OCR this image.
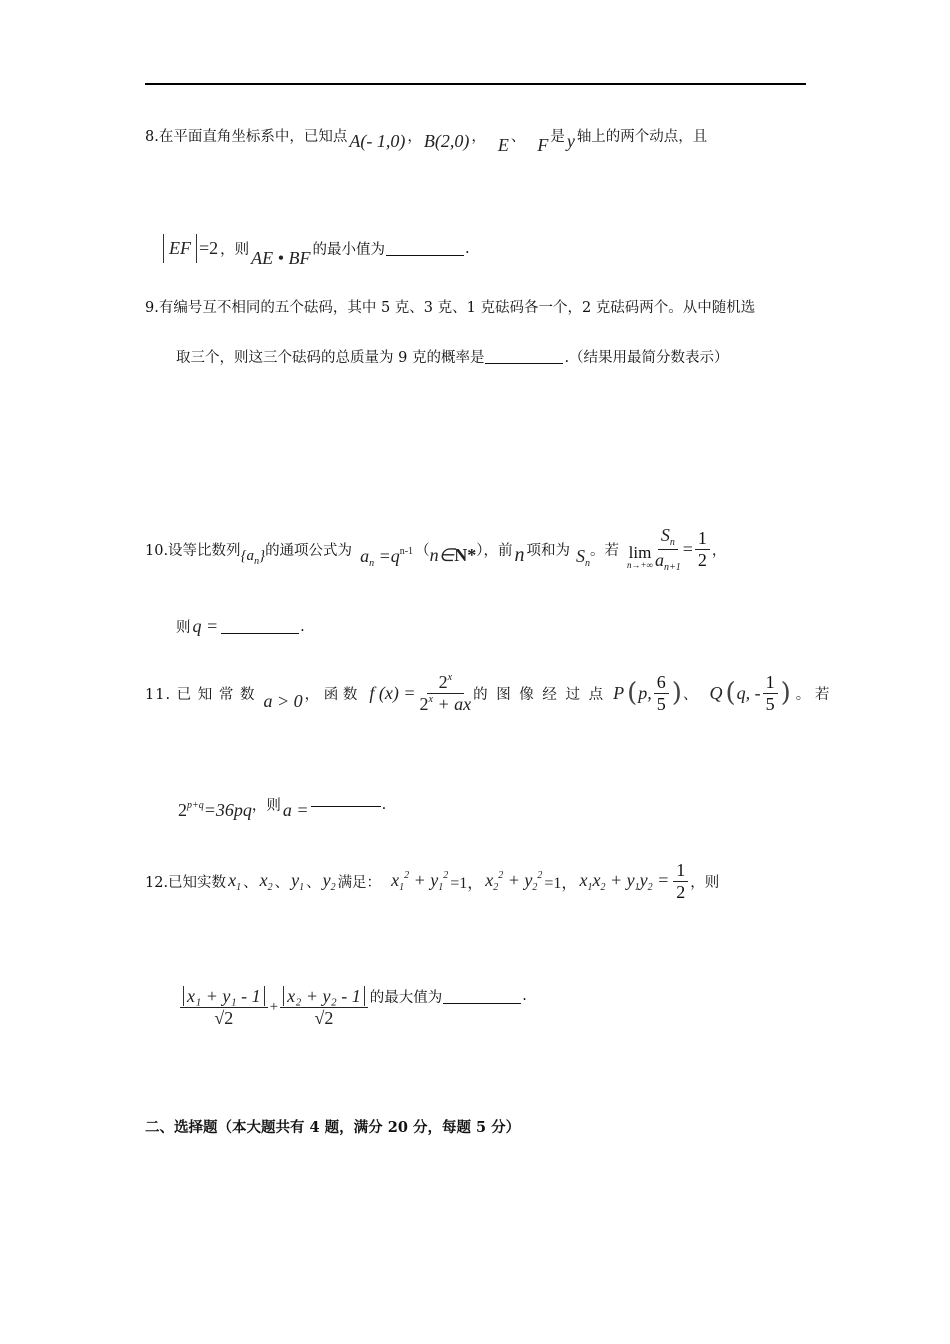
8.在平面直角坐标系中，已知点 A(- 1,0) ， B(2,0) ， E 、 F 是 y 轴上的两个动点，且
EF =2 ，则 AE • BF 的最小值为	.
9.有编号互不相同的五个砝码，其中 5 克、3 克、1 克砝码各一个，2 克砝码两个。从中随机选
取三个，则这三个砝码的总质量为 9 克的概率是	.（结果用最简分数表示）
10.设等比数列 $\{a_n\}$ 的通项公式为 $a_n =q^{n-1}$ （ n∈N* ），前 n 项和为 $S_n$
。若 lim
$n\to+\infty \frac{S_n}{a_{n+1}} = \frac{1}{2}$ ，
则 q =	.
11. 已 知 常 数 a > 0 ， 函 数 f $(x) = \frac{2^x}{2^x + ax}$ 的 图 像 经 过 点 P ( p, $\frac{6}{5}$ ) 、 Q ( q, - $\frac{1}{5}$ ) 。 若
$2^{p+q} =36pq$ ，则 a =	.
12.已知实数 $x_1$ 、 $x_2$ 、 $y_1$ 、 $y_2$ 满足： $x_1^2 + y_1^2 =1$， $x_2^2 + y_2^2 =1$， $x_1x_2 + y_1y_2 = \frac{1}{2}$ ，则
$\frac{\text{x₁ + y₁ - 1}}{√2} + \frac{\text{x₂ + y₂ - 1}}{√2}$ 的最大值为	.
二、选择题（本大题共有 4 题，满分 20 分，每题 5 分）
